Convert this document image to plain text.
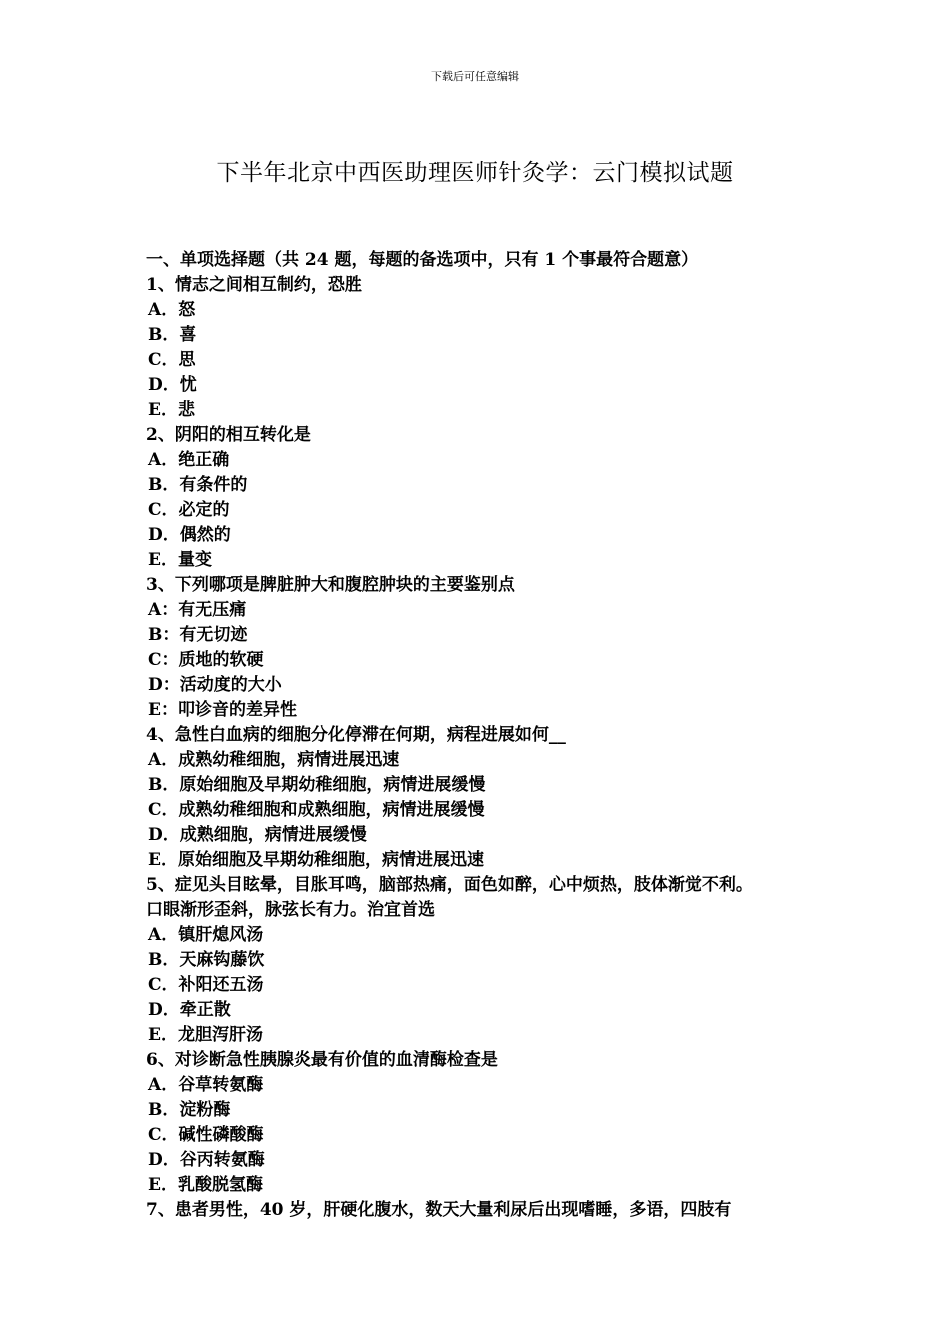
下载后可任意编辑
下半年北京中西医助理医师针灸学：云门模拟试题
一、单项选择题（共 24 题，每题的备选项中，只有 1 个事最符合题意）
1、情志之间相互制约，恐胜
A．怒
B．喜
C．思
D．忧
E．悲
2、阴阳的相互转化是
A．绝正确
B．有条件的
C．必定的
D．偶然的
E．量变
3、下列哪项是脾脏肿大和腹腔肿块的主要鉴别点
A：有无压痛
B：有无切迹
C：质地的软硬
D：活动度的大小
E：叩诊音的差异性
4、急性白血病的细胞分化停滞在何期，病程进展如何__
A．成熟幼稚细胞，病情进展迅速
B．原始细胞及早期幼稚细胞，病情进展缓慢
C．成熟幼稚细胞和成熟细胞，病情进展缓慢
D．成熟细胞，病情进展缓慢
E．原始细胞及早期幼稚细胞，病情进展迅速
5、症见头目眩晕，目胀耳鸣，脑部热痛，面色如醉，心中烦热，肢体渐觉不利。
口眼渐形歪斜，脉弦长有力。治宜首选
A．镇肝熄风汤
B．天麻钩藤饮
C．补阳还五汤
D．牵正散
E．龙胆泻肝汤
6、对诊断急性胰腺炎最有价值的血清酶检查是
A．谷草转氨酶
B．淀粉酶
C．碱性磷酸酶
D．谷丙转氨酶
E．乳酸脱氢酶
7、患者男性，40 岁，肝硬化腹水，数天大量利尿后出现嗜睡，多语，四肢有
